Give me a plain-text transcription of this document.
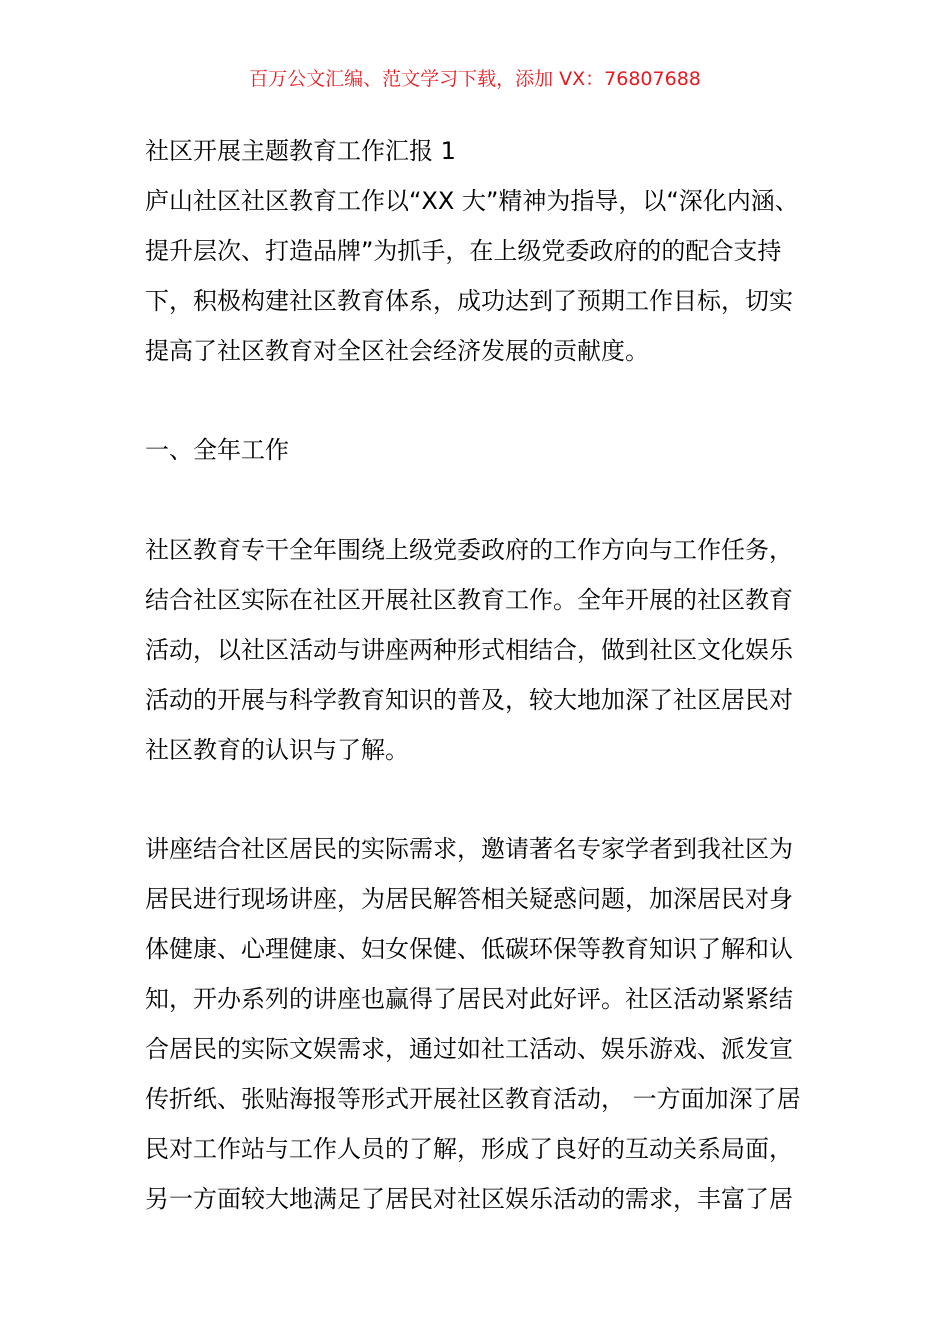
百万公文汇编、范文学习下载，添加 VX：76807688
社区开展主题教育工作汇报 1
庐山社区社区教育工作以“XX 大”精神为指导，以“深化内涵、
提升层次、打造品牌”为抓手，在上级党委政府的的配合支持
下，积极构建社区教育体系，成功达到了预期工作目标，切实
提高了社区教育对全区社会经济发展的贡献度。
一、全年工作
社区教育专干全年围绕上级党委政府的工作方向与工作任务，
结合社区实际在社区开展社区教育工作。全年开展的社区教育
活动，以社区活动与讲座两种形式相结合，做到社区文化娱乐
活动的开展与科学教育知识的普及，较大地加深了社区居民对
社区教育的认识与了解。
讲座结合社区居民的实际需求，邀请著名专家学者到我社区为
居民进行现场讲座，为居民解答相关疑惑问题，加深居民对身
体健康、心理健康、妇女保健、低碳环保等教育知识了解和认
知，开办系列的讲座也赢得了居民对此好评。社区活动紧紧结
合居民的实际文娱需求，通过如社工活动、娱乐游戏、派发宣
传折纸、张贴海报等形式开展社区教育活动， 一方面加深了居
民对工作站与工作人员的了解，形成了良好的互动关系局面，
另一方面较大地满足了居民对社区娱乐活动的需求，丰富了居
